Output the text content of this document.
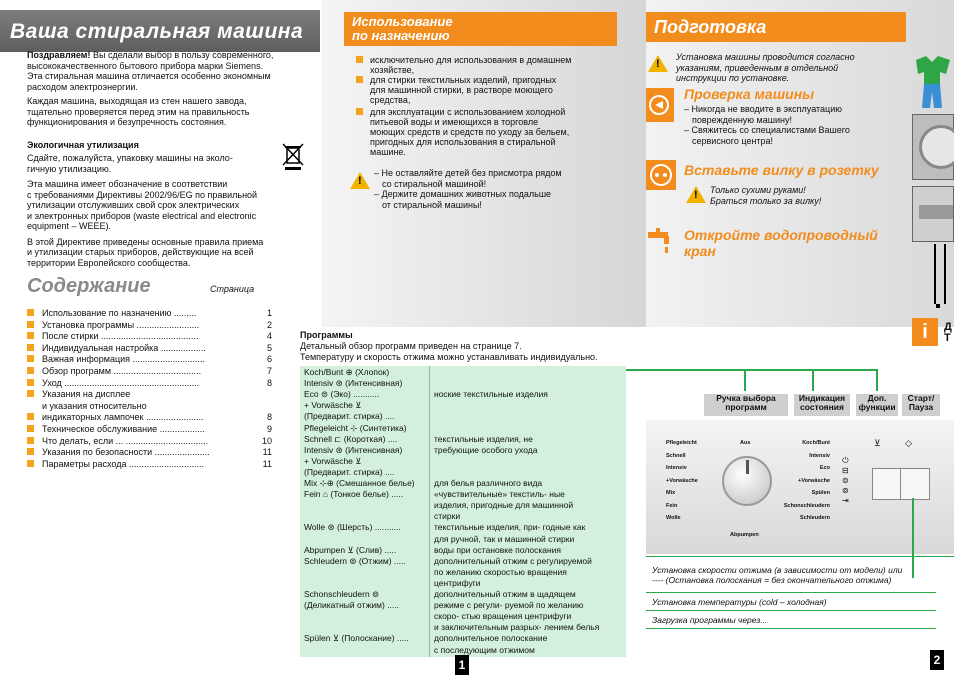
Ваша стиральная машина
Поздравляем! Вы сделали выбор в пользу современного,
высококачественного бытового прибора марки Siemens.
Эта стиральная машина отличается особенно экономным
расходом электроэнергии.
Каждая машина, выходящая из стен нашего завода,
тщательно проверяется перед этим на правильность
функционирования и безупречность состояния.
Экологичная утилизация
Сдайте, пожалуйста, упаковку машины на эколо-
гичную утилизацию.
Эта машина имеет обозначение в соответствии
с требованиями Директивы 2002/96/EG по правильной
утилизации отслуживших свой срок электрических
и электронных приборов (waste electrical and electronic
equipment – WEEE).
В этой Директиве приведены основные правила приема
и утилизации старых приборов, действующие на всей
территории Европейского сообщества.
Содержание	Страница
Использование по назначению .........	1
Установка программы .........................	2
После стирки .......................................	4
Индивидуальная настройка ..................	5
Важная информация .............................	6
Обзор программ ...................................	7
Уход ......................................................	8
Указания на дисплее
и указания относительно
индикаторных лампочек .......................	8
Техническое обслуживание ..................	9
Что делать, если ... .................................	10
Указания по безопасности ......................	11
Параметры расхода ..............................	11
Использование
по назначению
исключительно для использования в домашнем
хозяйстве,
для стирки текстильных изделий, пригодных
для машинной стирки, в растворе моющего
средства,
для эксплуатации с использованием холодной
питьевой воды и имеющихся в торговле
моющих средств и средств по уходу за бельем,
пригодных для использования в стиральной
машине.
!
– Не оставляйте детей без присмотра рядом
со стиральной машиной!
– Держите домашних животных подальше
от стиральной машины!
Подготовка
!
Установка машины проводится согласно
указаниям, приведенным в отдельной
инструкции по установке.
Проверка машины
– Никогда не вводите в эксплуатацию
поврежденную машину!
– Свяжитесь со специалистами Вашего
сервисного центра!
Вставьте вилку в розетку
! Только сухими руками!
Браться только за вилку!
Откройте водопроводный
кран
i	Д
Т
Программы
Детальный обзор программ приведен на странице 7.
Температуру и скорость отжима можно устанавливать индивидуально.
Koch/Bunt ⊕ (Хлопок)
Intensiv ⊛ (Интенсивная)
Eco ⊜ (Эко) ...........	ноские текстильные изделия
+ Vorwäsche ⊻
(Предварит. стирка) ....
Pflegeleicht ⊹ (Синтетика)
Schnell ⊏ (Короткая) ....	текстильные изделия, не
Intensiv ⊛ (Интенсивная)	требующие особого ухода
+ Vorwäsche ⊻
(Предварит. стирка) ....
Mix ⊹⊕ (Смешанное белье)	для белья различного вида
Fein ⌂ (Тонкое белье) .....	«чувствительные» текстиль- ные
изделия, пригодные для машинной
стирки
Wolle ⊛ (Шерсть) ...........	текстильные изделия, при- годные как
для ручной, так и машинной стирки
Abpumpen ⊻ (Слив) .....	воды при остановке полоскания
Schleudern ⊚ (Отжим) .....	дополнительный отжим с регулируемой
по желанию скоростью вращения
центрифуги
Schonschleudern ⊚	дополнительный отжим в щадящем
(Деликатный отжим) .....	режиме с регули- руемой по желанию
скоро- стью вращения центрифуги
и заключительным разрых- лением белья
Spülen ⊻ (Полоскание) .....	дополнительное полоскание
с последующим отжимом
Ручка выбора
программ
Индикация
состояния
Доп.
функции
Старт/
Пауза
Aus
Pflegeleicht
Schnell
Intensiv
+Vorwäsche
Mix
Fein
Wolle
Koch/Bunt
Intensiv
Eco
+Vorwäsche
Spülen
Schonschleudern
Schleudern
Abpumpen
⏻
⊟
⊜
⊚
⇥
⊻	◇
Установка скорости отжима (в зависимости от модели) или
---- (Остановка полоскания = без окончательного отжима)
Установка температуры (cold – холодная)
Загрузка программы через...
1	2
